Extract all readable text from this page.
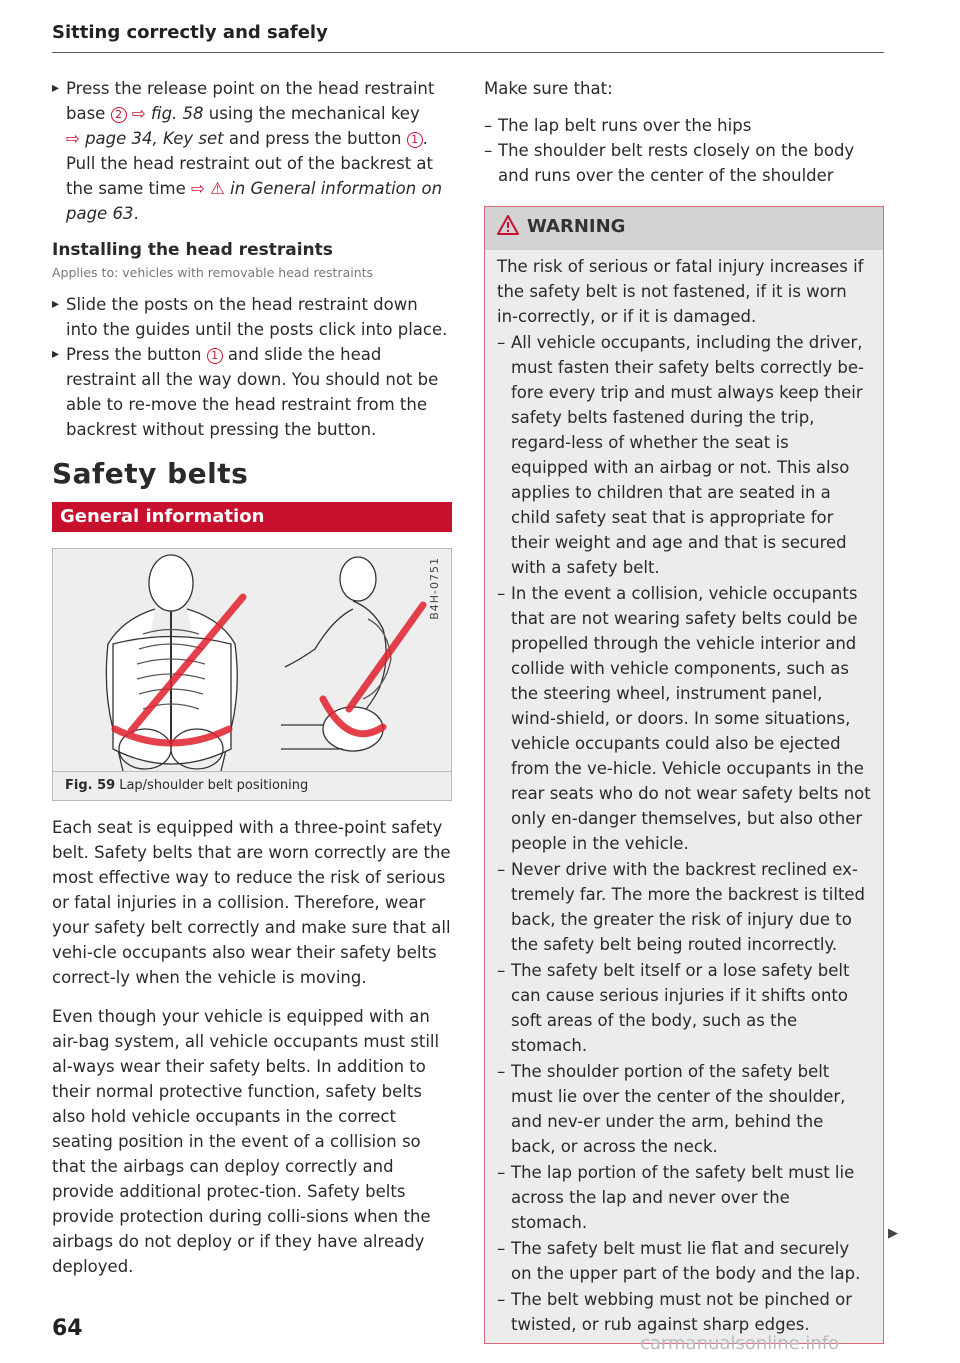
Sitting correctly and safely

▸ Press the release point on the head restraint base 2 ⇨ fig. 58 using the mechanical key ⇨ page 34, Key set and press the button 1 . Pull the head restraint out of the backrest at the same time ⇨ ⚠ in General information on page 63.

Installing the head restraints
Applies to: vehicles with removable head restraints

▸ Slide the posts on the head restraint down into the guides until the posts click into place.

▸ Press the button 1 and slide the head restraint all the way down. You should not be able to re-move the head restraint from the backrest without pressing the button.

Safety belts
General information
B4H-0751
Fig. 59 Lap/shoulder belt positioning

Each seat is equipped with a three-point safety belt. Safety belts that are worn correctly are the most effective way to reduce the risk of serious or fatal injuries in a collision. Therefore, wear your safety belt correctly and make sure that all vehi-cle occupants also wear their safety belts correct-ly when the vehicle is moving.

Even though your vehicle is equipped with an air-bag system, all vehicle occupants must still al-ways wear their safety belts. In addition to their normal protective function, safety belts also hold vehicle occupants in the correct seating position in the event of a collision so that the airbags can deploy correctly and provide additional protec-tion. Safety belts provide protection during colli-sions when the airbags do not deploy or if they have already deployed.

Make sure that:

– The lap belt runs over the hips

– The shoulder belt rests closely on the body and runs over the center of the shoulder

WARNING

The risk of serious or fatal injury increases if the safety belt is not fastened, if it is worn in-correctly, or if it is damaged.

– All vehicle occupants, including the driver, must fasten their safety belts correctly be-fore every trip and must always keep their safety belts fastened during the trip, regard-less of whether the seat is equipped with an airbag or not. This also applies to children that are seated in a child safety seat that is appropriate for their weight and age and that is secured with a safety belt.

– In the event a collision, vehicle occupants that are not wearing safety belts could be propelled through the vehicle interior and collide with vehicle components, such as the steering wheel, instrument panel, wind-shield, or doors. In some situations, vehicle occupants could also be ejected from the ve-hicle. Vehicle occupants in the rear seats who do not wear safety belts not only en-danger themselves, but also other people in the vehicle.

– Never drive with the backrest reclined ex-tremely far. The more the backrest is tilted back, the greater the risk of injury due to the safety belt being routed incorrectly.

– The safety belt itself or a lose safety belt can cause serious injuries if it shifts onto soft areas of the body, such as the stomach.

– The shoulder portion of the safety belt must lie over the center of the shoulder, and nev-er under the arm, behind the back, or across the neck.

– The lap portion of the safety belt must lie across the lap and never over the stomach.

– The safety belt must lie flat and securely on the upper part of the body and the lap.

– The belt webbing must not be pinched or twisted, or rub against sharp edges.

▶
64
carmanualsonline.info
